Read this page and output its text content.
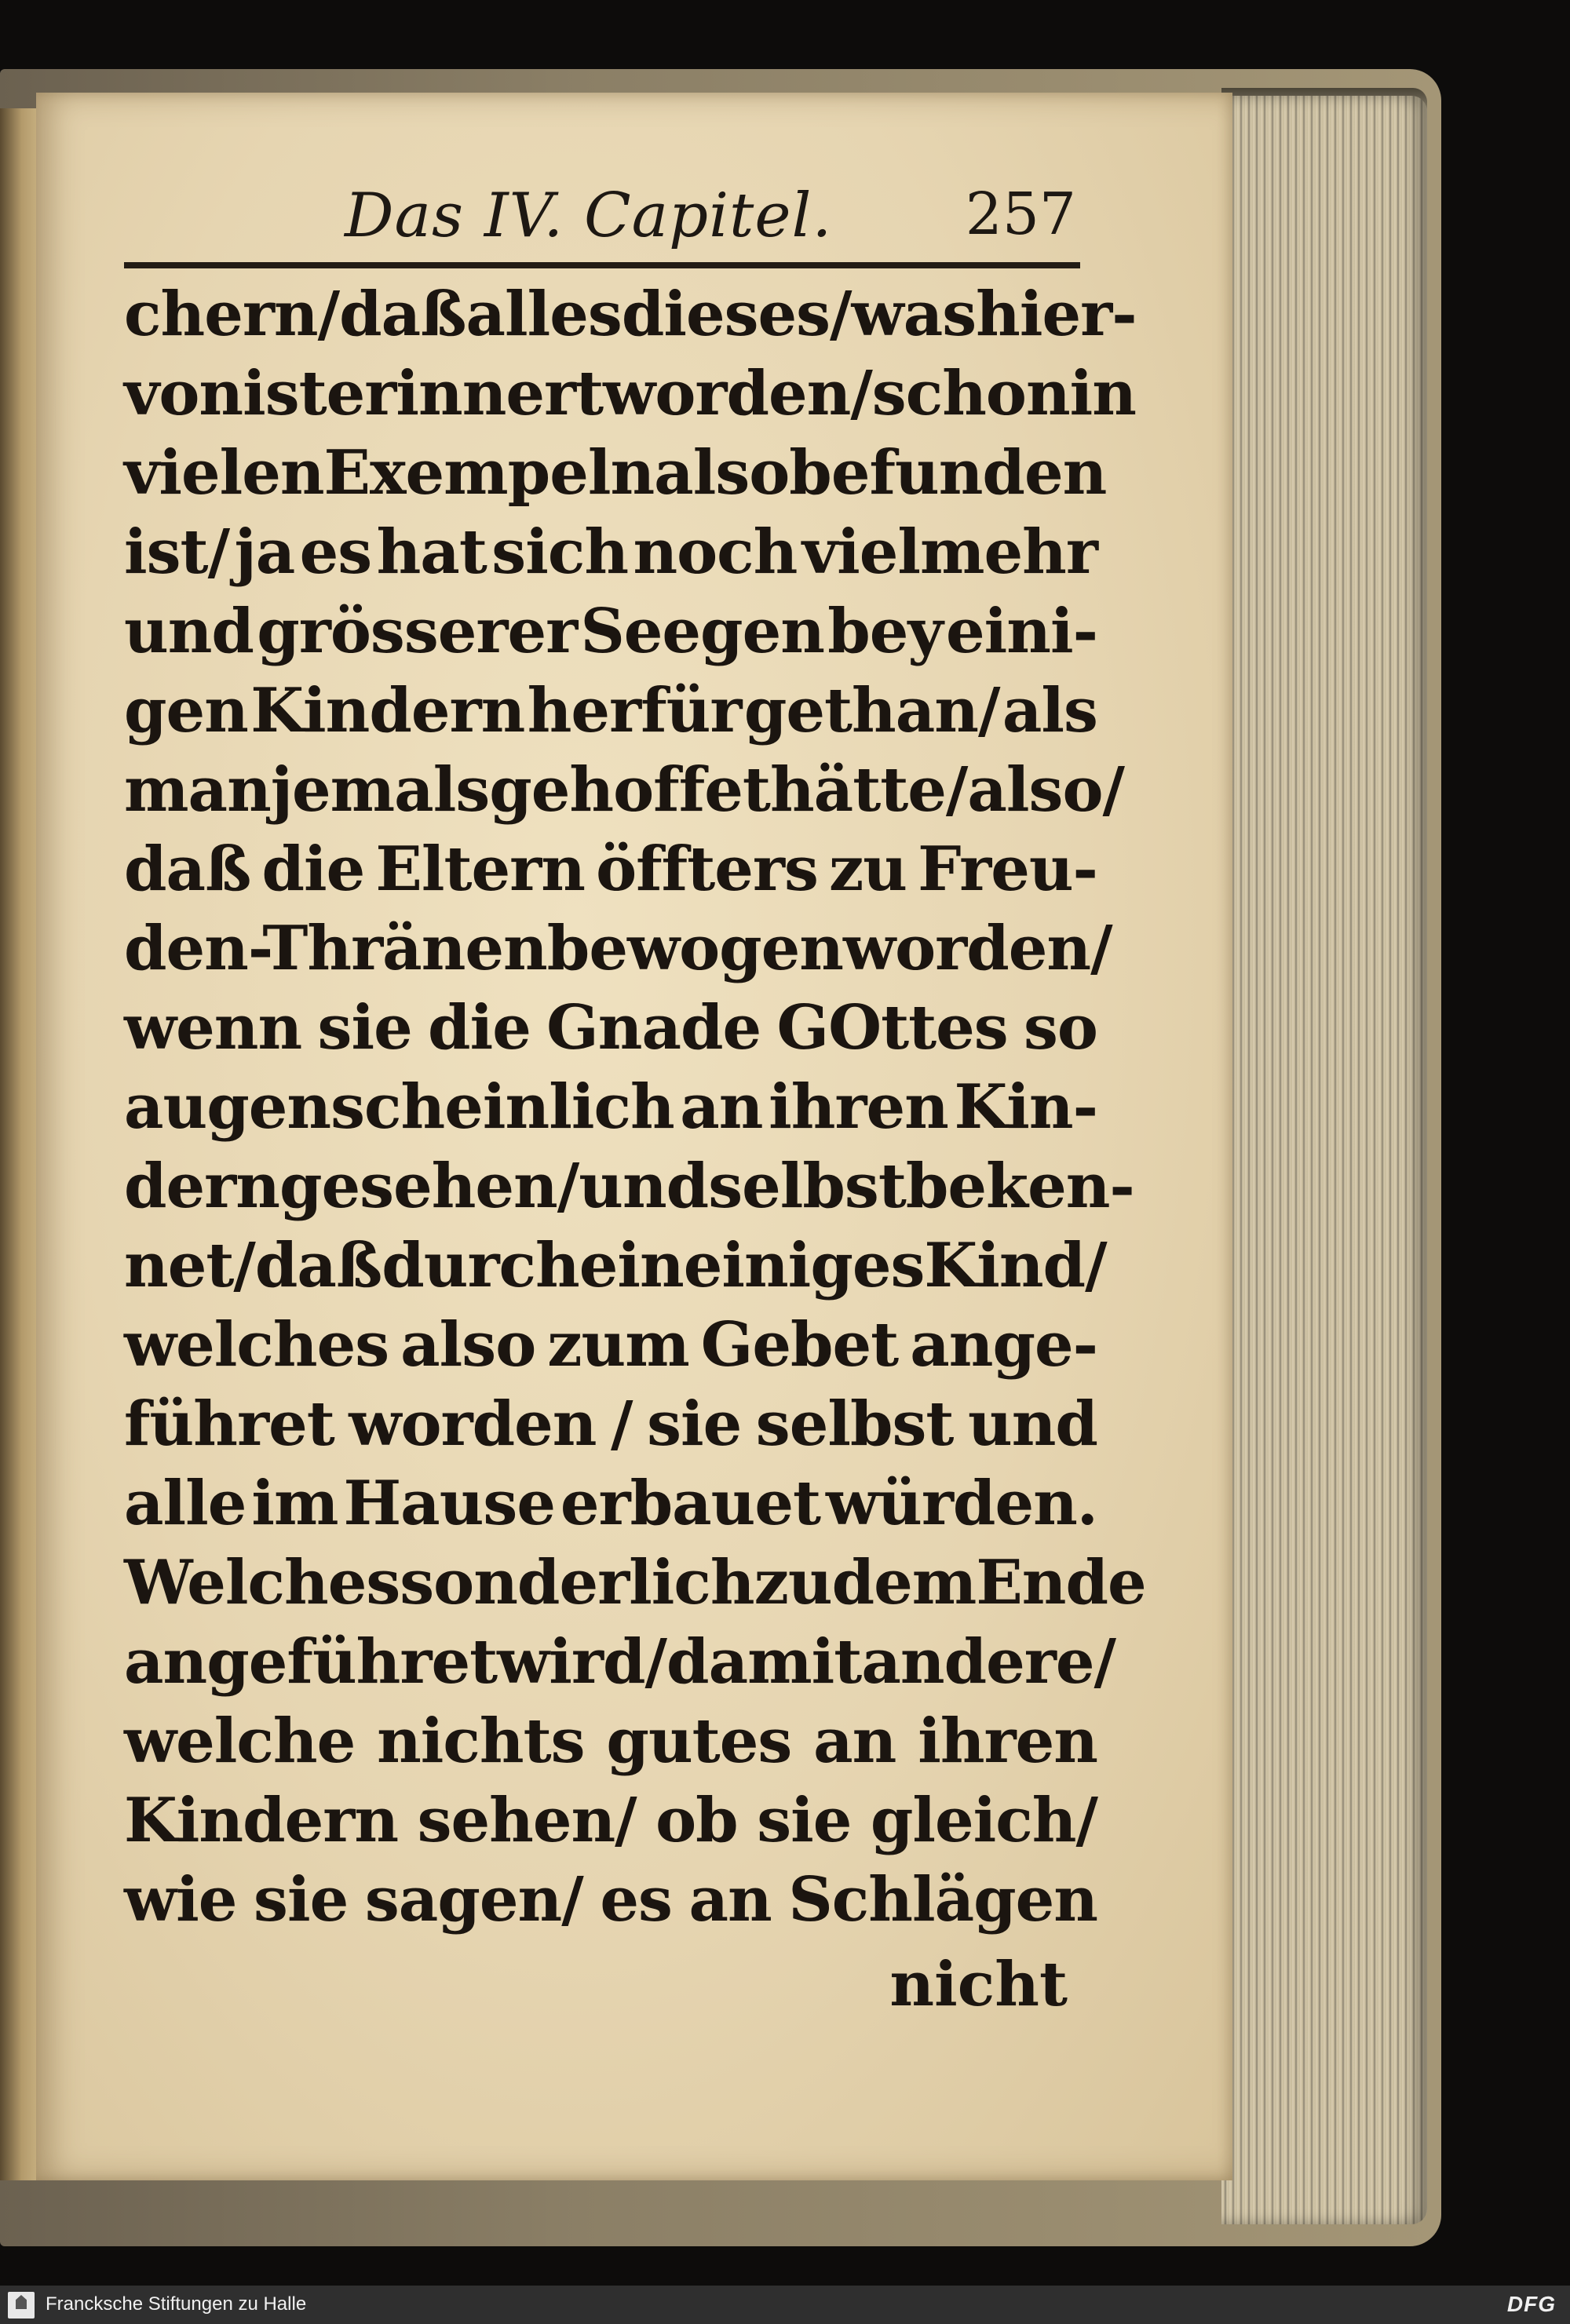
Das IV. Capitel. 257
chern/daß alles dieses/was hier-
von ist erinnert worden/schon in
vielen Exempeln also befunden
ist/ ja es hat sich noch vielmehr
und grösserer Seegen bey eini-
gen Kindern herfür gethan/ als
man jemals gehoffet hätte/ also/
daß die Eltern öffters zu Freu-
den-Thränen bewogen worden/
wenn sie die Gnade GOttes so
augenscheinlich an ihren Kin-
dern gesehen / und selbst beken-
net/ daß durch ein einiges Kind/
welches also zum Gebet ange-
führet worden / sie selbst und
alle im Hause erbauet würden.
Welches sonderlich zu dem Ende
angeführet wird/damit andere/
welche nichts gutes an ihren
Kindern sehen/ ob sie gleich/
wie sie sagen/ es an Schlägen
nicht
Francksche Stiftungen zu Halle	DFG
